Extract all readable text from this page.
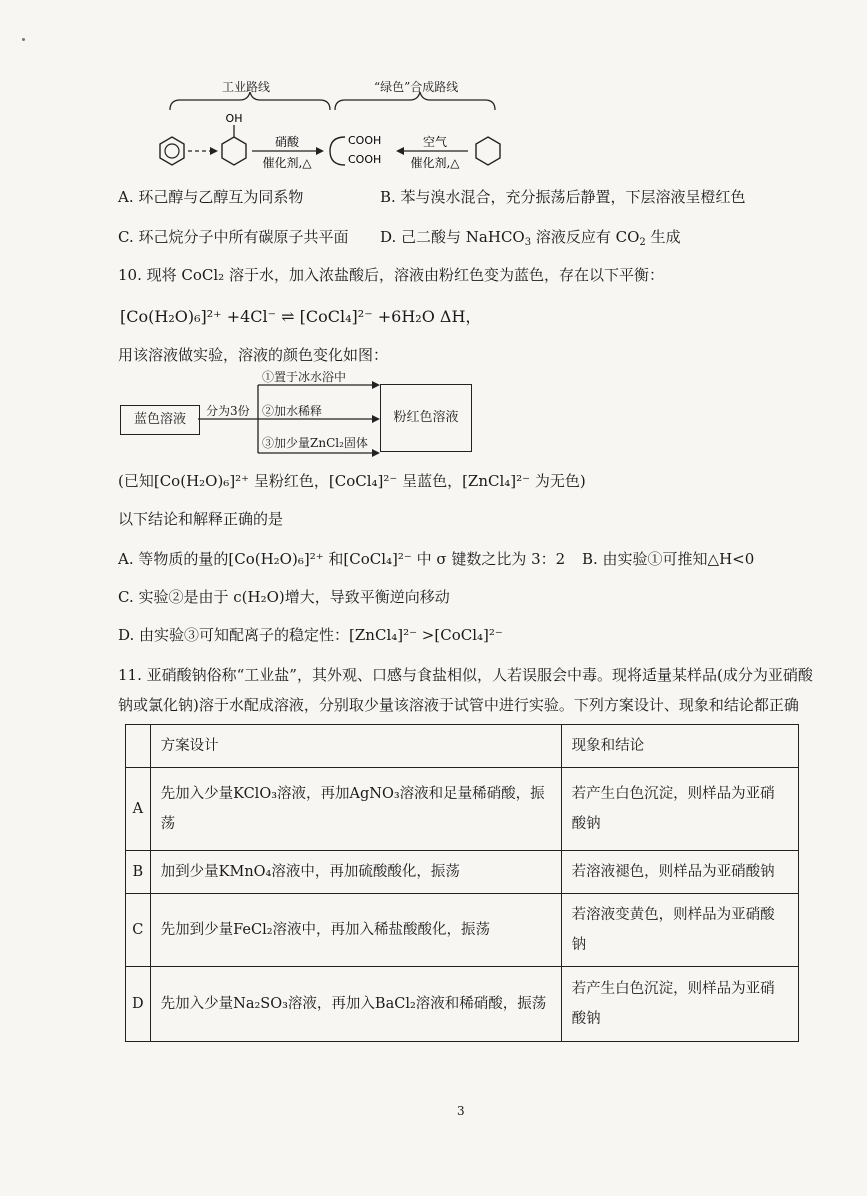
OH
硝酸
催化剂,△
COOH
COOH
空气
催化剂,△
工业路线	“绿色”合成路线
A. 环己醇与乙醇互为同系物	B. 苯与溴水混合，充分振荡后静置，下层溶液呈橙红色
C. 环己烷分子中所有碳原子共平面 D. 己二酸与 NaHCO$_3$ 溶液反应有 $CO_2$ 生成
10. 现将 CoCl₂ 溶于水，加入浓盐酸后，溶液由粉红色变为蓝色，存在以下平衡：
[Co(H₂O)₆]²⁺ +4Cl⁻ ⇌ [CoCl₄]²⁻ +6H₂O ΔH，
用该溶液做实验，溶液的颜色变化如图：
蓝色溶液	粉红色溶液
分为3份
①置于冰水浴中
②加水稀释
③加少量ZnCl₂固体
(已知[Co(H₂O)₆]²⁺ 呈粉红色，[CoCl₄]²⁻ 呈蓝色，[ZnCl₄]²⁻ 为无色)
以下结论和解释正确的是
A. 等物质的量的[Co(H₂O)₆]²⁺ 和[CoCl₄]²⁻ 中 σ 键数之比为 3：2 B. 由实验①可推知△H<0
C. 实验②是由于 c(H₂O)增大，导致平衡逆向移动
D. 由实验③可知配离子的稳定性：[ZnCl₄]²⁻ >[CoCl₄]²⁻
11. 亚硝酸钠俗称“工业盐”，其外观、口感与食盐相似，人若误服会中毒。现将适量某样品(成分为亚硝酸
钠或氯化钠)溶于水配成溶液，分别取少量该溶液于试管中进行实验。下列方案设计、现象和结论都正确
	方案设计	现象和结论
A	先加入少量KClO₃溶液，再加AgNO₃溶液和足量稀硝酸，振荡	若产生白色沉淀，则样品为亚硝酸钠
B	加到少量KMnO₄溶液中，再加硫酸酸化，振荡	若溶液褪色，则样品为亚硝酸钠
C	先加到少量FeCl₂溶液中，再加入稀盐酸酸化，振荡	若溶液变黄色，则样品为亚硝酸钠
D	先加入少量Na₂SO₃溶液，再加入BaCl₂溶液和稀硝酸，振荡	若产生白色沉淀，则样品为亚硝酸钠
3
